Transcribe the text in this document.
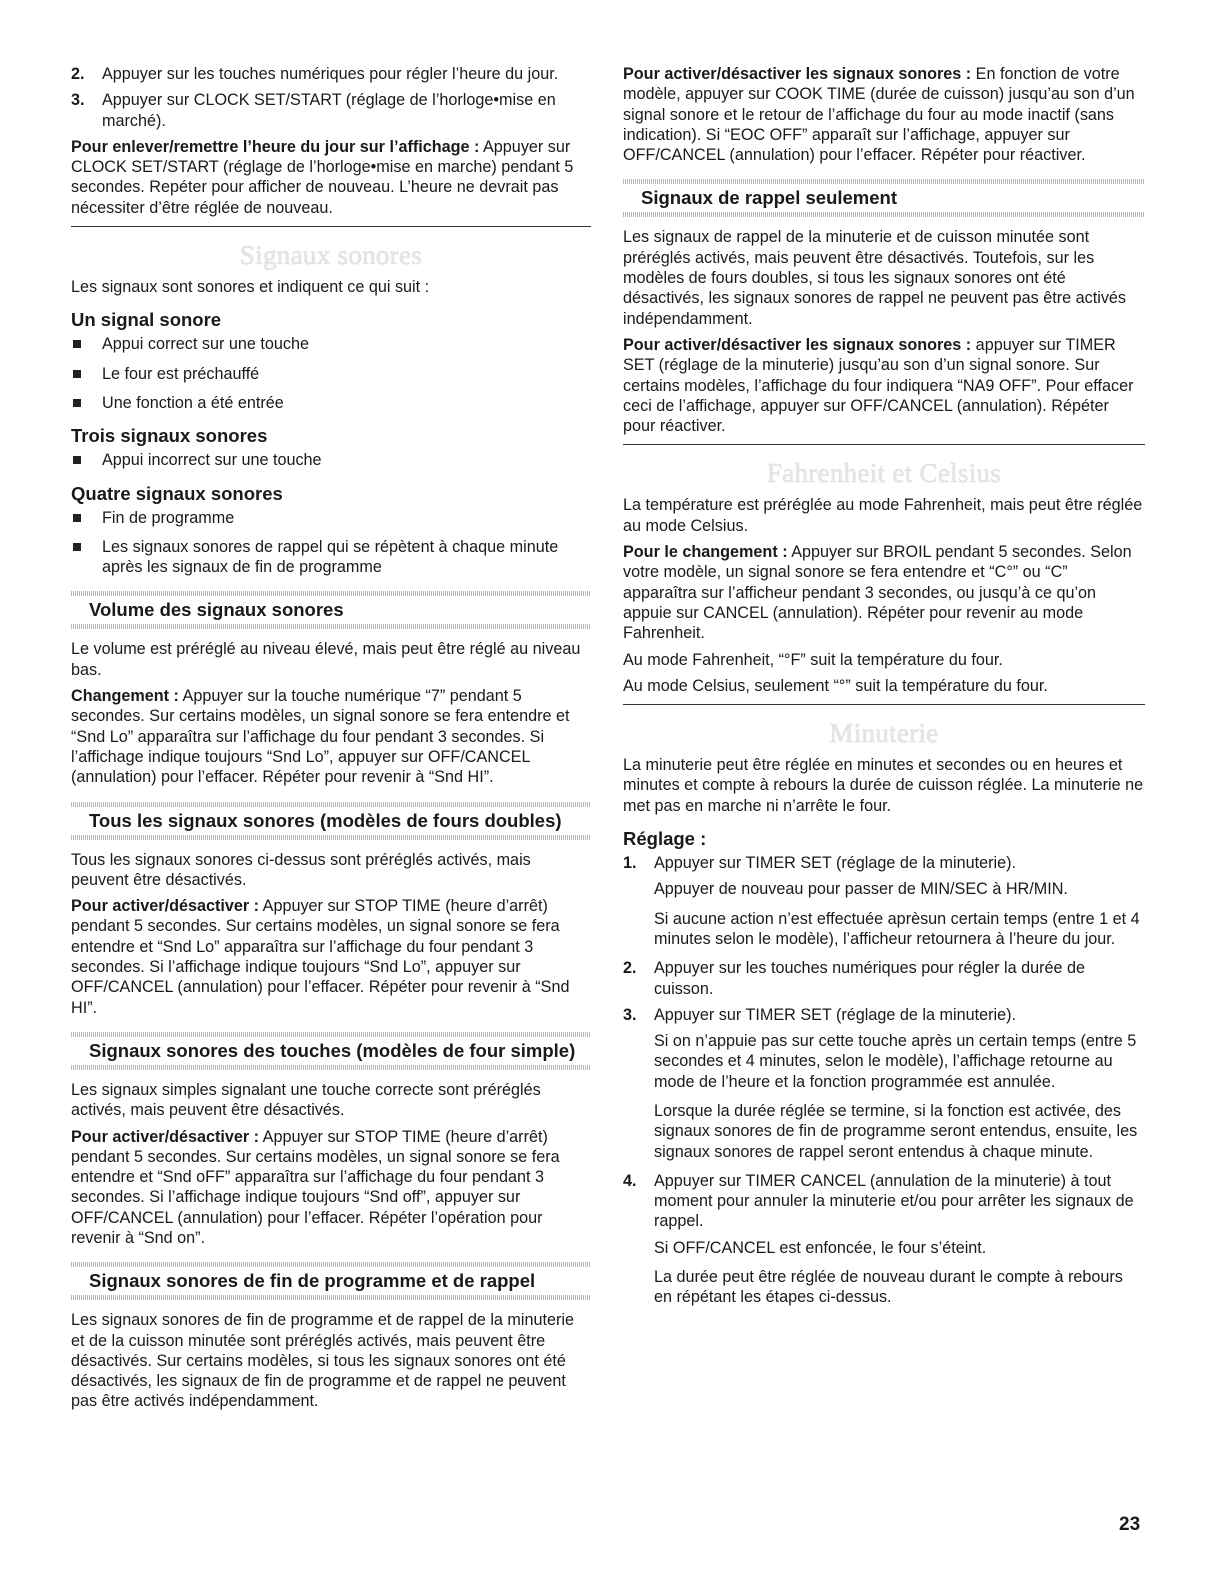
2. Appuyer sur les touches numériques pour régler l’heure du jour.
3. Appuyer sur CLOCK SET/START (réglage de l’horloge•mise en marché).

Pour enlever/remettre l’heure du jour sur l’affichage : Appuyer sur CLOCK SET/START (réglage de l’horloge•mise en marche) pendant 5 secondes. Repéter pour afficher de nouveau. L’heure ne devrait pas nécessiter d’être réglée de nouveau.

Signaux sonores

Les signaux sont sonores et indiquent ce qui suit :

Un signal sonore
Appui correct sur une touche
Le four est préchauffé
Une fonction a été entrée
Trois signaux sonores
Appui incorrect sur une touche
Quatre signaux sonores
Fin de programme
Les signaux sonores de rappel qui se répètent à chaque minute après les signaux de fin de programme
Volume des signaux sonores

Le volume est préréglé au niveau élevé, mais peut être réglé au niveau bas.

Changement : Appuyer sur la touche numérique “7” pendant 5 secondes. Sur certains modèles, un signal sonore se fera entendre et “Snd Lo” apparaîtra sur l’affichage du four pendant 3 secondes. Si l’affichage indique toujours “Snd Lo”, appuyer sur OFF/CANCEL (annulation) pour l’effacer. Répéter pour revenir à “Snd HI”.

Tous les signaux sonores (modèles de fours doubles)

Tous les signaux sonores ci-dessus sont préréglés activés, mais peuvent être désactivés.

Pour activer/désactiver : Appuyer sur STOP TIME (heure d’arrêt) pendant 5 secondes. Sur certains modèles, un signal sonore se fera entendre et “Snd Lo” apparaîtra sur l’affichage du four pendant 3 secondes. Si l’affichage indique toujours “Snd Lo”, appuyer sur OFF/CANCEL (annulation) pour l’effacer. Répéter pour revenir à “Snd HI”.

Signaux sonores des touches (modèles de four simple)

Les signaux simples signalant une touche correcte sont préréglés activés, mais peuvent être désactivés.

Pour activer/désactiver : Appuyer sur STOP TIME (heure d’arrêt) pendant 5 secondes. Sur certains modèles, un signal sonore se fera entendre et “Snd oFF” apparaîtra sur l’affichage du four pendant 3 secondes. Si l’affichage indique toujours “Snd off”, appuyer sur OFF/CANCEL (annulation) pour l’effacer. Répéter l’opération pour revenir à “Snd on”.

Signaux sonores de fin de programme et de rappel

Les signaux sonores de fin de programme et de rappel de la minuterie et de la cuisson minutée sont préréglés activés, mais peuvent être désactivés. Sur certains modèles, si tous les signaux sonores ont été désactivés, les signaux de fin de programme et de rappel ne peuvent pas être activés indépendamment.

Pour activer/désactiver les signaux sonores : En fonction de votre modèle, appuyer sur COOK TIME (durée de cuisson) jusqu’au son d’un signal sonore et le retour de l’affichage du four au mode inactif (sans indication). Si “EOC OFF” apparaît sur l’affichage, appuyer sur OFF/CANCEL (annulation) pour l’effacer. Répéter pour réactiver.

Signaux de rappel seulement

Les signaux de rappel de la minuterie et de cuisson minutée sont préréglés activés, mais peuvent être désactivés. Toutefois, sur les modèles de fours doubles, si tous les signaux sonores ont été désactivés, les signaux sonores de rappel ne peuvent pas être activés indépendamment.

Pour activer/désactiver les signaux sonores : appuyer sur TIMER SET (réglage de la minuterie) jusqu’au son d’un signal sonore. Sur certains modèles, l’affichage du four indiquera “NA9 OFF”. Pour effacer ceci de l’affichage, appuyer sur OFF/CANCEL (annulation). Répéter pour réactiver.

Fahrenheit et Celsius

La température est préréglée au mode Fahrenheit, mais peut être réglée au mode Celsius.

Pour le changement : Appuyer sur BROIL pendant 5 secondes. Selon votre modèle, un signal sonore se fera entendre et “C°” ou “C” apparaîtra sur l’afficheur pendant 3 secondes, ou jusqu’à ce qu’on appuie sur CANCEL (annulation). Répéter pour revenir au mode Fahrenheit.

Au mode Fahrenheit, “°F” suit la température du four.

Au mode Celsius, seulement “°” suit la température du four.

Minuterie

La minuterie peut être réglée en minutes et secondes ou en heures et minutes et compte à rebours la durée de cuisson réglée. La minuterie ne met pas en marche ni n’arrête le four.

Réglage :
1. Appuyer sur TIMER SET (réglage de la minuterie).
Appuyer de nouveau pour passer de MIN/SEC à HR/MIN.
Si aucune action n’est effectuée aprèsun certain temps (entre 1 et 4 minutes selon le modèle), l’afficheur retournera à l’heure du jour.
2. Appuyer sur les touches numériques pour régler la durée de cuisson.
3. Appuyer sur TIMER SET (réglage de la minuterie).
Si on n’appuie pas sur cette touche après un certain temps (entre 5 secondes et 4 minutes, selon le modèle), l’affichage retourne au mode de l’heure et la fonction programmée est annulée.
Lorsque la durée réglée se termine, si la fonction est activée, des signaux sonores de fin de programme seront entendus, ensuite, les signaux sonores de rappel seront entendus à chaque minute.
4. Appuyer sur TIMER CANCEL (annulation de la minuterie) à tout moment pour annuler la minuterie et/ou pour arrêter les signaux de rappel.
Si OFF/CANCEL est enfoncée, le four s’éteint.
La durée peut être réglée de nouveau durant le compte à rebours en répétant les étapes ci-dessus.
23
